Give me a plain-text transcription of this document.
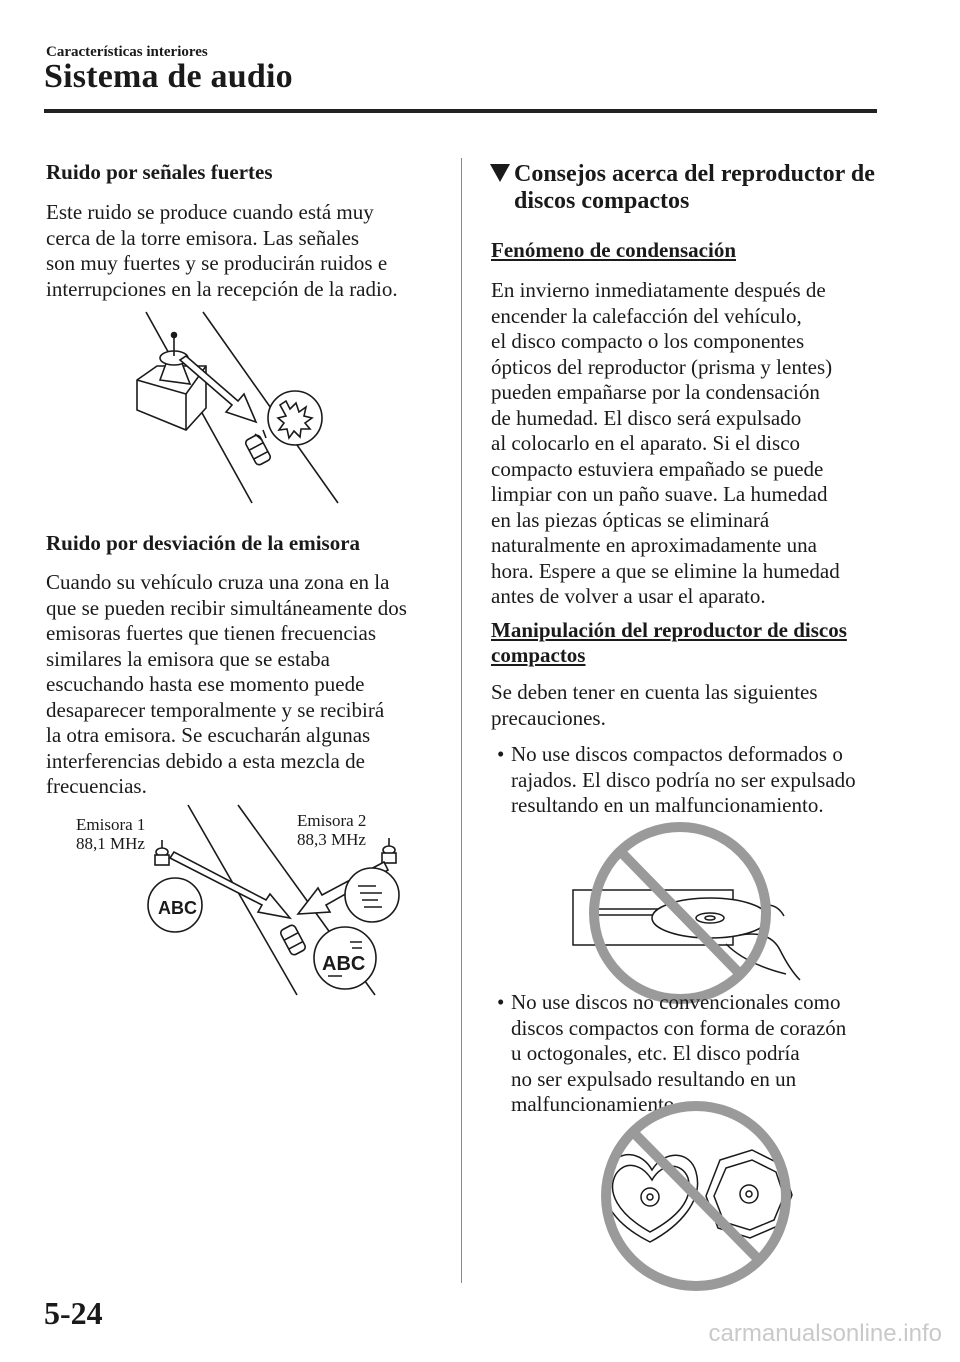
Características interiores
Sistema de audio
Ruido por señales fuertes
Este ruido se produce cuando está muy
cerca de la torre emisora. Las señales
son muy fuertes y se producirán ruidos e
interrupciones en la recepción de la radio.
Ruido por desviación de la emisora
Cuando su vehículo cruza una zona en la
que se pueden recibir simultáneamente dos
emisoras fuertes que tienen frecuencias
similares la emisora que se estaba
escuchando hasta ese momento puede
desaparecer temporalmente y se recibirá
la otra emisora. Se escucharán algunas
interferencias debido a esta mezcla de
frecuencias.
Emisora 1
88,1 MHz
Emisora 2
88,3 MHz
ABC
ABC
Consejos acerca del reproductor de
discos compactos
Fenómeno de condensación
En invierno inmediatamente después de
encender la calefacción del vehículo,
el disco compacto o los componentes
ópticos del reproductor (prisma y lentes)
pueden empañarse por la condensación
de humedad. El disco será expulsado
al colocarlo en el aparato. Si el disco
compacto estuviera empañado se puede
limpiar con un paño suave. La humedad
en las piezas ópticas se eliminará
naturalmente en aproximadamente una
hora. Espere a que se elimine la humedad
antes de volver a usar el aparato.
Manipulación del reproductor de discos
compactos
Se deben tener en cuenta las siguientes
precauciones.
• No use discos compactos deformados o
rajados. El disco podría no ser expulsado
resultando en un malfuncionamiento.
• No use discos no convencionales como
discos compactos con forma de corazón
u octogonales, etc. El disco podría
no ser expulsado resultando en un
malfuncionamiento.
5-24
carmanualsonline.info
